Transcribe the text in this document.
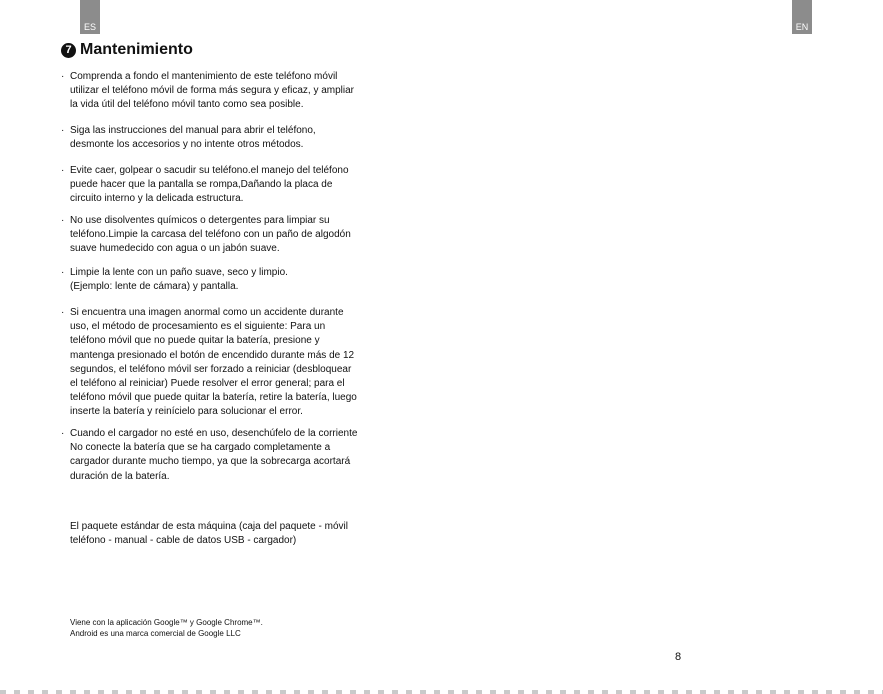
ES	EN
7 Mantenimiento
· Comprenda a fondo el mantenimiento de este teléfono móvil
utilizar el teléfono móvil de forma más segura y eficaz, y ampliar
la vida útil del teléfono móvil tanto como sea posible.
· Siga las instrucciones del manual para abrir el teléfono,
desmonte los accesorios y no intente otros métodos.
· Evite caer, golpear o sacudir su teléfono.el manejo del teléfono
puede hacer que la pantalla se rompa,Dañando la placa de
circuito interno y la delicada estructura.
· No use disolventes químicos o detergentes para limpiar su
teléfono.Limpie la carcasa del teléfono con un paño de algodón
suave humedecido con agua o un jabón suave.
· Limpie la lente con un paño suave, seco y limpio.
(Ejemplo: lente de cámara) y pantalla.
· Si encuentra una imagen anormal como un accidente durante
uso, el método de procesamiento es el siguiente: Para un
teléfono móvil que no puede quitar la batería, presione y
mantenga presionado el botón de encendido durante más de 12
segundos, el teléfono móvil ser forzado a reiniciar (desbloquear
el teléfono al reiniciar) Puede resolver el error general; para el
teléfono móvil que puede quitar la batería, retire la batería, luego
inserte la batería y reinícielo para solucionar el error.
· Cuando el cargador no esté en uso, desenchúfelo de la corriente
No conecte la batería que se ha cargado completamente a
cargador durante mucho tiempo, ya que la sobrecarga acortará
duración de la batería.
El paquete estándar de esta máquina (caja del paquete - móvil
teléfono - manual - cable de datos USB - cargador)
Viene con la aplicación Google™ y Google Chrome™.
Android es una marca comercial de Google LLC
8
